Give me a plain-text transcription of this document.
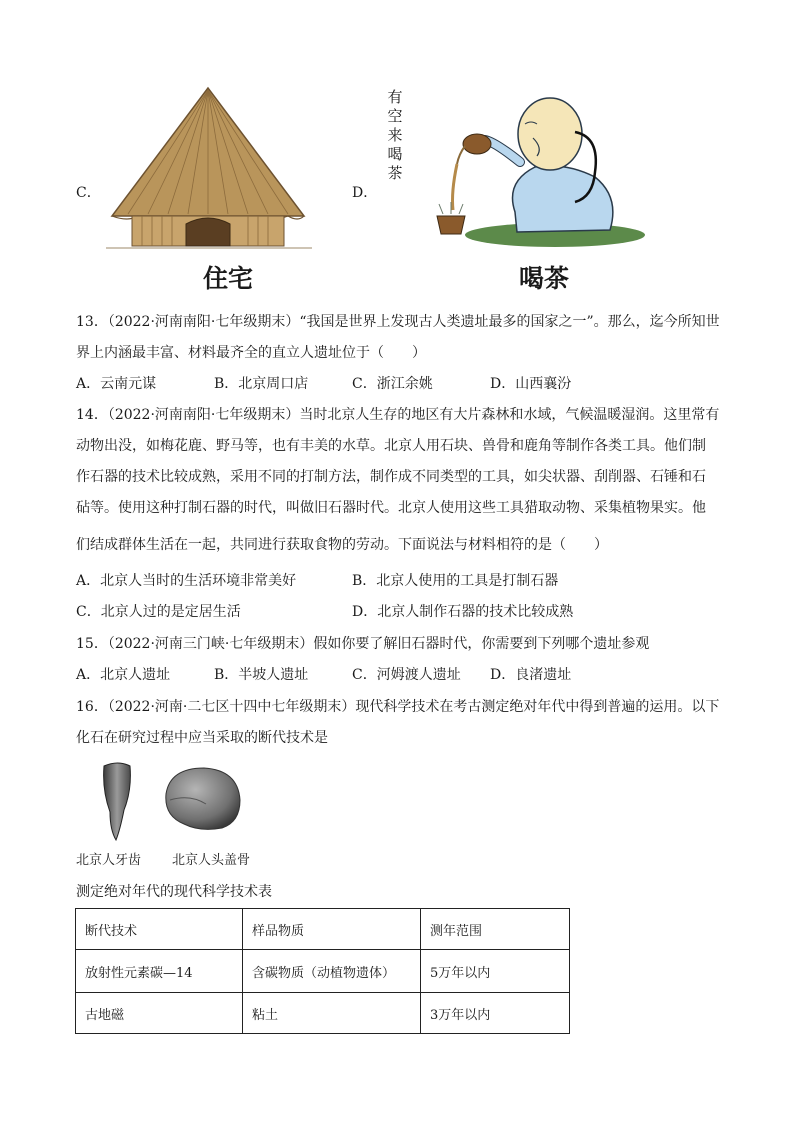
C．
住宅
D．
有
空
来
喝
茶
喝茶
13．（2022·河南南阳·七年级期末）“我国是世界上发现古人类遗址最多的国家之一”。那么，迄今所知世
界上内涵最丰富、材料最齐全的直立人遗址位于（　　）
A．云南元谋	B．北京周口店	C．浙江余姚	D．山西襄汾
14．（2022·河南南阳·七年级期末）当时北京人生存的地区有大片森林和水域，气候温暖湿润。这里常有
动物出没，如梅花鹿、野马等，也有丰美的水草。北京人用石块、兽骨和鹿角等制作各类工具。他们制
作石器的技术比较成熟，采用不同的打制方法，制作成不同类型的工具，如尖状器、刮削器、石锤和石
砧等。使用这种打制石器的时代，叫做旧石器时代。北京人使用这些工具猎取动物、采集植物果实。他
们结成群体生活在一起，共同进行获取食物的劳动。下面说法与材料相符的是（　　）
A．北京人当时的生活环境非常美好	B．北京人使用的工具是打制石器
C．北京人过的是定居生活	D．北京人制作石器的技术比较成熟
15．（2022·河南三门峡·七年级期末）假如你要了解旧石器时代，你需要到下列哪个遗址参观
A．北京人遗址	B．半坡人遗址	C．河姆渡人遗址 D．良渚遗址
16．（2022·河南·二七区十四中七年级期末）现代科学技术在考古测定绝对年代中得到普遍的运用。以下
化石在研究过程中应当采取的断代技术是
北京人牙齿 北京人头盖骨
测定绝对年代的现代科学技术表
断代技术	样品物质	测年范围
放射性元素碳—14	含碳物质（动植物遗体）	5万年以内
古地磁	粘土	3万年以内
